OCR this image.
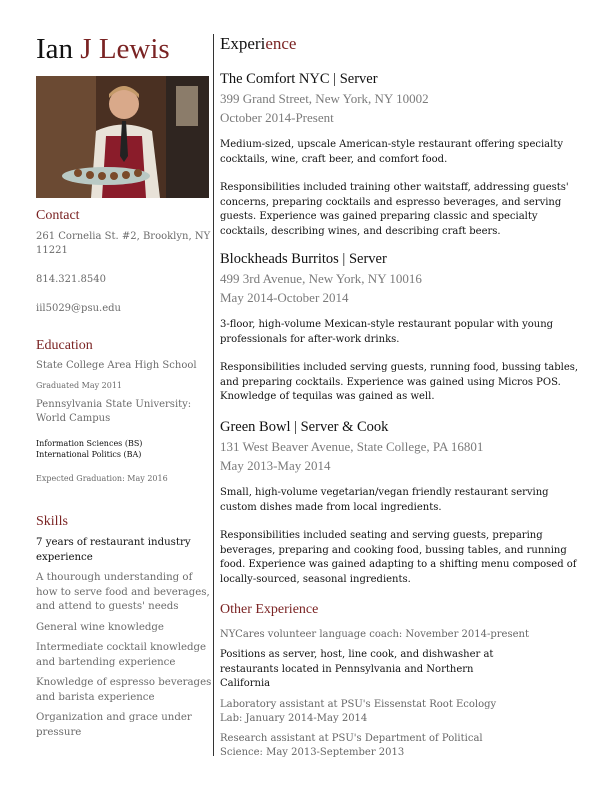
Ian J Lewis
Contact
261 Cornelia St. #2, Brooklyn, NY 11221
814.321.8540
iil5029@psu.edu
Education
State College Area High School
Graduated May 2011
Pennsylvania State University: World Campus
Information Sciences (BS)
International Politics (BA)
Expected Graduation: May 2016
Skills
7 years of restaurant industry experience
A thourough understanding of how to serve food and beverages, and attend to guests' needs
General wine knowledge
Intermediate cocktail knowledge and bartending experience
Knowledge of espresso beverages and barista experience
Organization and grace under pressure
Experience
The Comfort NYC | Server
399 Grand Street, New York, NY 10002
October 2014-Present
Medium-sized, upscale American-style restaurant offering specialty cocktails, wine, craft beer, and comfort food.
Responsibilities included training other waitstaff, addressing guests' concerns, preparing cocktails and espresso beverages, and serving guests. Experience was gained preparing classic and specialty cocktails, describing wines, and describing craft beers.
Blockheads Burritos | Server
499 3rd Avenue, New York, NY 10016
May 2014-October 2014
3-floor, high-volume Mexican-style restaurant popular with young professionals for after-work drinks.
Responsibilities included serving guests, running food, bussing tables, and preparing cocktails. Experience was gained using Micros POS. Knowledge of tequilas was gained as well.
Green Bowl | Server & Cook
131 West Beaver Avenue, State College, PA 16801
May 2013-May 2014
Small, high-volume vegetarian/vegan friendly restaurant serving custom dishes made from local ingredients.
Responsibilities included seating and serving guests, preparing beverages, preparing and cooking food, bussing tables, and running food. Experience was gained adapting to a shifting menu composed of locally-sourced, seasonal ingredients.
Other Experience
NYCares volunteer language coach: November 2014-present
Positions as server, host, line cook, and dishwasher at restaurants located in Pennsylvania and Northern California
Laboratory assistant at PSU's Eissenstat Root Ecology Lab: January 2014-May 2014
Research assistant at PSU's Department of Political Science: May 2013-September 2013
